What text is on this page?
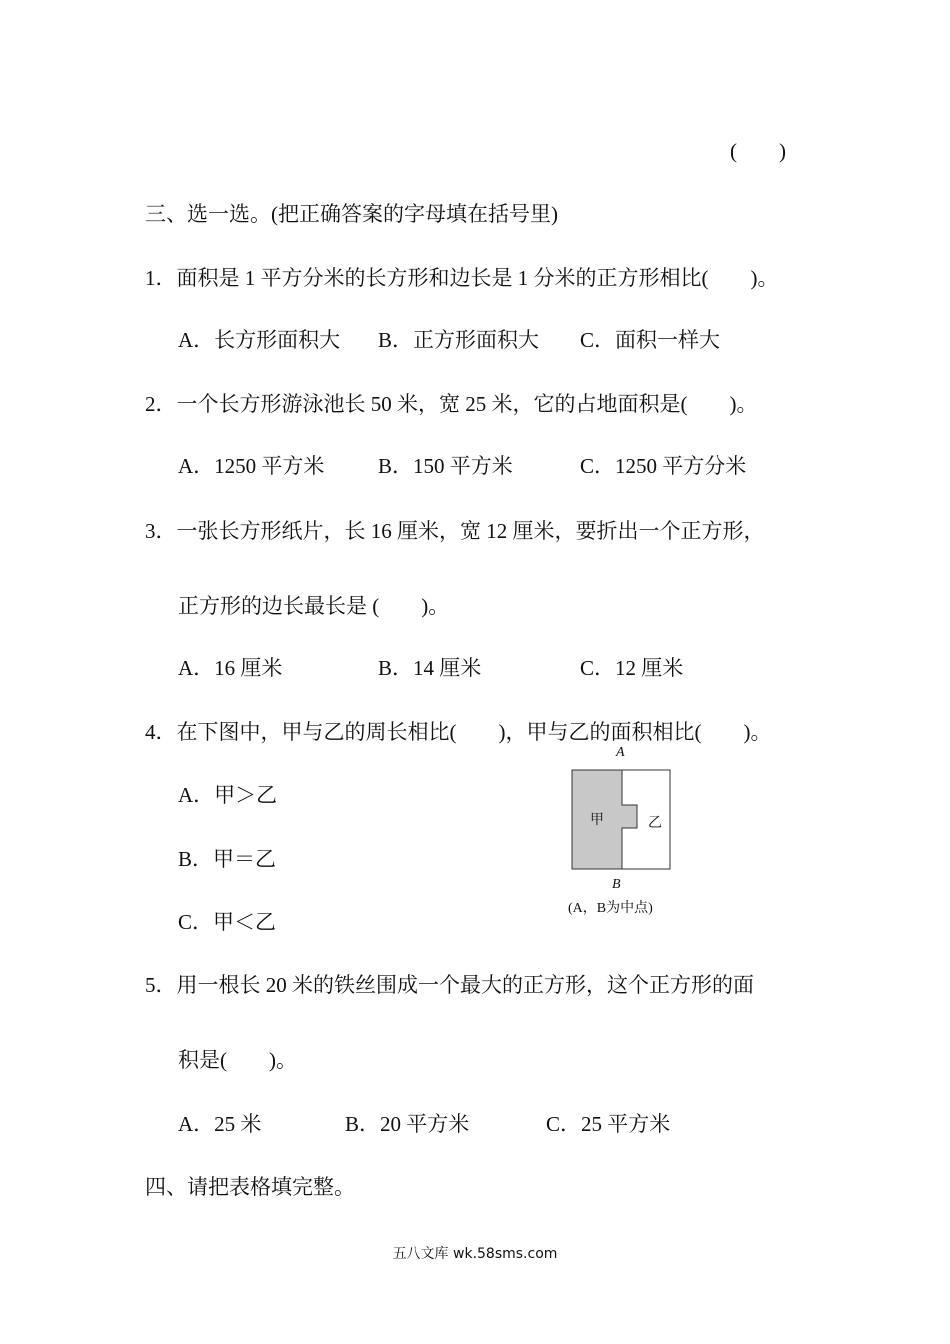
(　　)
三、选一选。(把正确答案的字母填在括号里)
1．面积是 1 平方分米的长方形和边长是 1 分米的正方形相比(　　)。
A．长方形面积大 B．正方形面积大 C．面积一样大
2．一个长方形游泳池长 50 米，宽 25 米，它的占地面积是(　　)。
A．1250 平方米	B．150 平方米	C．1250 平方分米
3．一张长方形纸片，长 16 厘米，宽 12 厘米，要折出一个正方形，
正方形的边长最长是 (　　)。
A．16 厘米	B．14 厘米	C．12 厘米
4．在下图中，甲与乙的周长相比(　　)，甲与乙的面积相比(　　)。
A．甲＞乙
B．甲＝乙
C．甲＜乙
A
甲	乙
B
(A，B为中点)
5．用一根长 20 米的铁丝围成一个最大的正方形，这个正方形的面
积是(　　)。
A．25 米	B．20 平方米	C．25 平方米
四、请把表格填完整。
五八文库 wk.58sms.com
